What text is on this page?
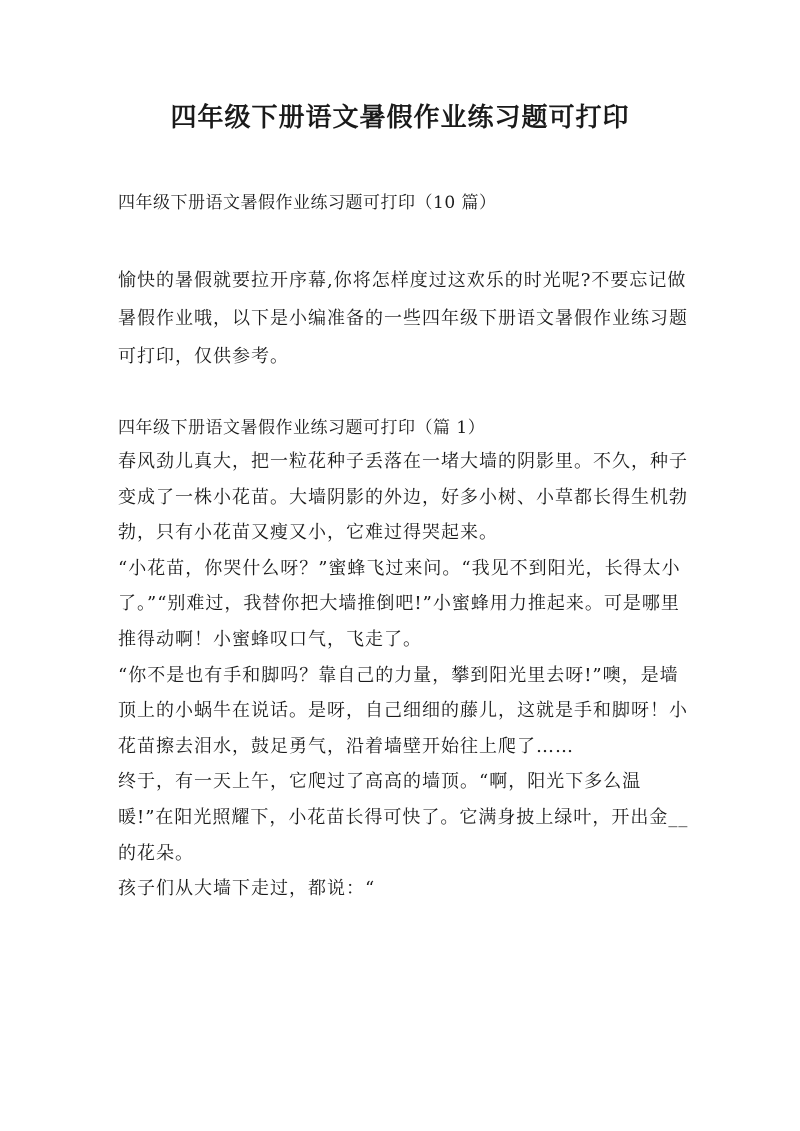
四年级下册语文暑假作业练习题可打印

四年级下册语文暑假作业练习题可打印（10 篇）

愉快的暑假就要拉开序幕,你将怎样度过这欢乐的时光呢?不要忘记做暑假作业哦，以下是小编准备的一些四年级下册语文暑假作业练习题可打印，仅供参考。

四年级下册语文暑假作业练习题可打印（篇 1）

春风劲儿真大，把一粒花种子丢落在一堵大墙的阴影里。不久，种子变成了一株小花苗。大墙阴影的外边，好多小树、小草都长得生机勃勃，只有小花苗又瘦又小，它难过得哭起来。

“小花苗，你哭什么呀？”蜜蜂飞过来问。“我见不到阳光，长得太小了。”“别难过，我替你把大墙推倒吧!”小蜜蜂用力推起来。可是哪里推得动啊！小蜜蜂叹口气，飞走了。

“你不是也有手和脚吗？靠自己的力量，攀到阳光里去呀!”噢，是墙顶上的小蜗牛在说话。是呀，自己细细的藤儿，这就是手和脚呀！小花苗擦去泪水，鼓足勇气，沿着墙壁开始往上爬了……

终于，有一天上午，它爬过了高高的墙顶。“啊，阳光下多么温暖!”在阳光照耀下，小花苗长得可快了。它满身披上绿叶，开出金__的花朵。

孩子们从大墙下走过，都说：“
